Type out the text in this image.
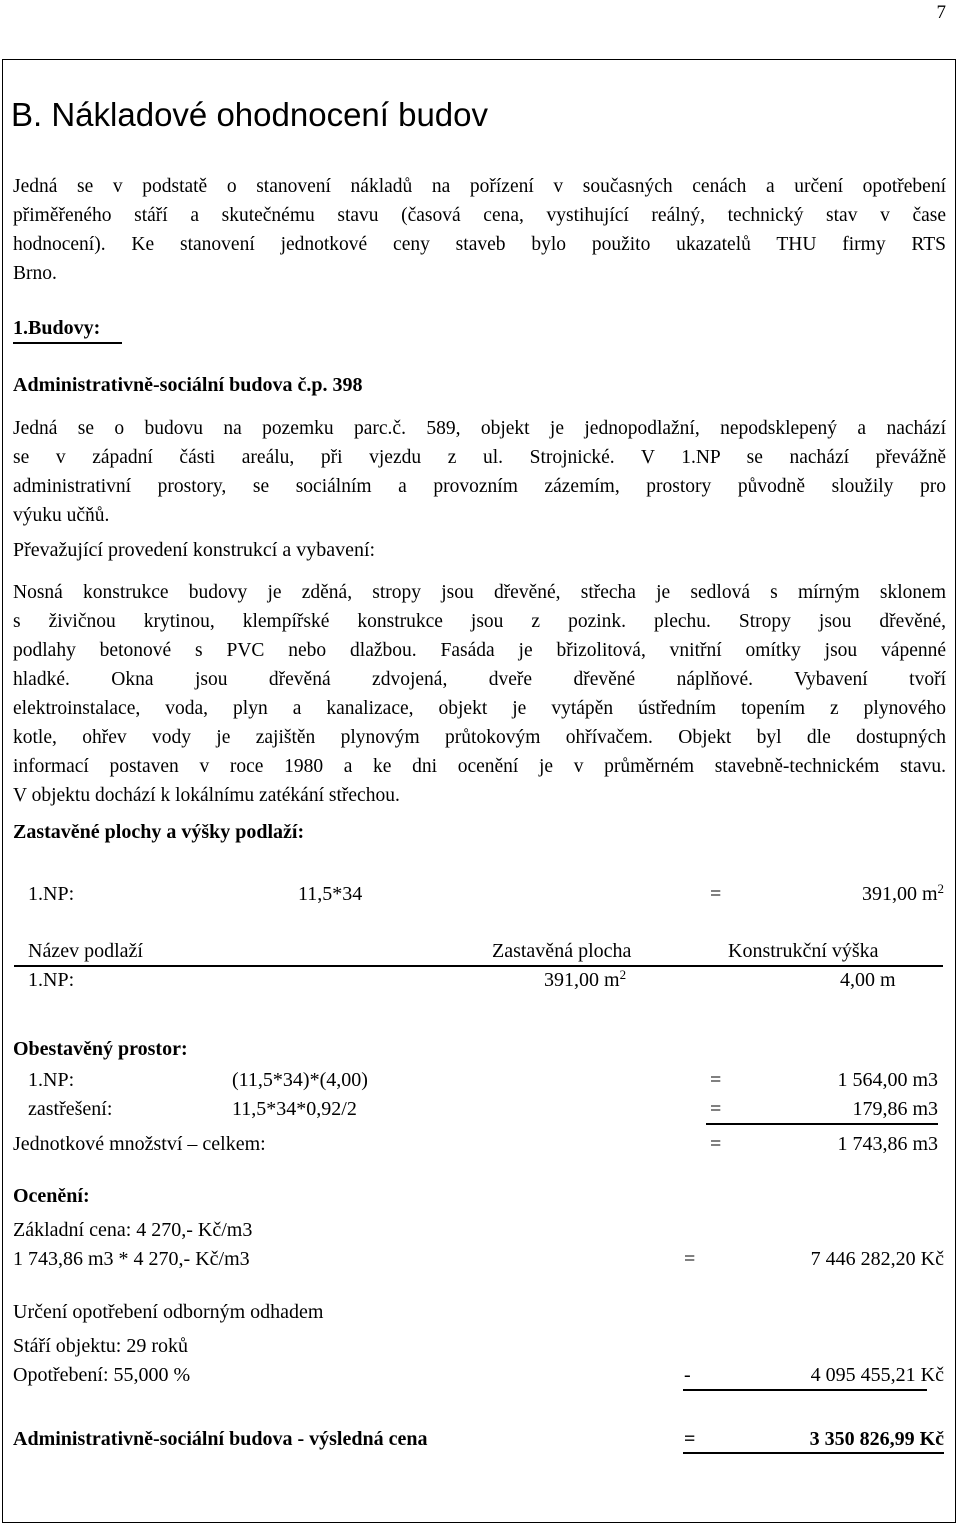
7
B. Nákladové ohodnocení budov
Jedná se v podstatě o stanovení nákladů na pořízení v současných cenách a určení opotřebení
přiměřeného stáří a skutečnému stavu (časová cena, vystihující reálný, technický stav v čase
hodnocení). Ke stanovení jednotkové ceny staveb bylo použito ukazatelů THU firmy RTS
Brno.
1.Budovy:
Administrativně-sociální budova č.p. 398
Jedná se o budovu na pozemku parc.č. 589, objekt je jednopodlažní, nepodsklepený a nachází
se v západní části areálu, při vjezdu z ul. Strojnické. V 1.NP se nachází převážně
administrativní prostory, se sociálním a provozním zázemím, prostory původně sloužily pro
výuku učňů.
Převažující provedení konstrukcí a vybavení:
Nosná konstrukce budovy je zděná, stropy jsou dřevěné, střecha je sedlová s mírným sklonem
s živičnou krytinou, klempířské konstrukce jsou z pozink. plechu. Stropy jsou dřevěné,
podlahy betonové s PVC nebo dlažbou. Fasáda je břizolitová, vnitřní omítky jsou vápenné
hladké. Okna jsou dřevěná zdvojená, dveře dřevěné náplňové. Vybavení tvoří
elektroinstalace, voda, plyn a kanalizace, objekt je vytápěn ústředním topením z plynového
kotle, ohřev vody je zajištěn plynovým průtokovým ohřívačem. Objekt byl dle dostupných
informací postaven v roce 1980 a ke dni ocenění je v průměrném stavebně-technickém stavu.
V objektu dochází k lokálnímu zatékání střechou.
Zastavěné plochy a výšky podlaží:
1.NP:	11,5*34	=	391,00 $m^2$
Název podlaží	Zastavěná plocha	Konstrukční výška
1.NP:	391,00 $m^2$	4,00 m
Obestavěný prostor:
1.NP:	(11,5*34)*(4,00)	=	1 564,00 m3
zastřešení:	11,5*34*0,92/2	=	179,86 m3
Jednotkové množství – celkem:	=	1 743,86 m3
Ocenění:
Základní cena: 4 270,- Kč/m3
1 743,86 m3 * 4 270,- Kč/m3	=	7 446 282,20 Kč
Určení opotřebení odborným odhadem
Stáří objektu: 29 roků
Opotřebení: 55,000 %	-	4 095 455,21 Kč
Administrativně-sociální budova - výsledná cena	=	3 350 826,99 Kč
